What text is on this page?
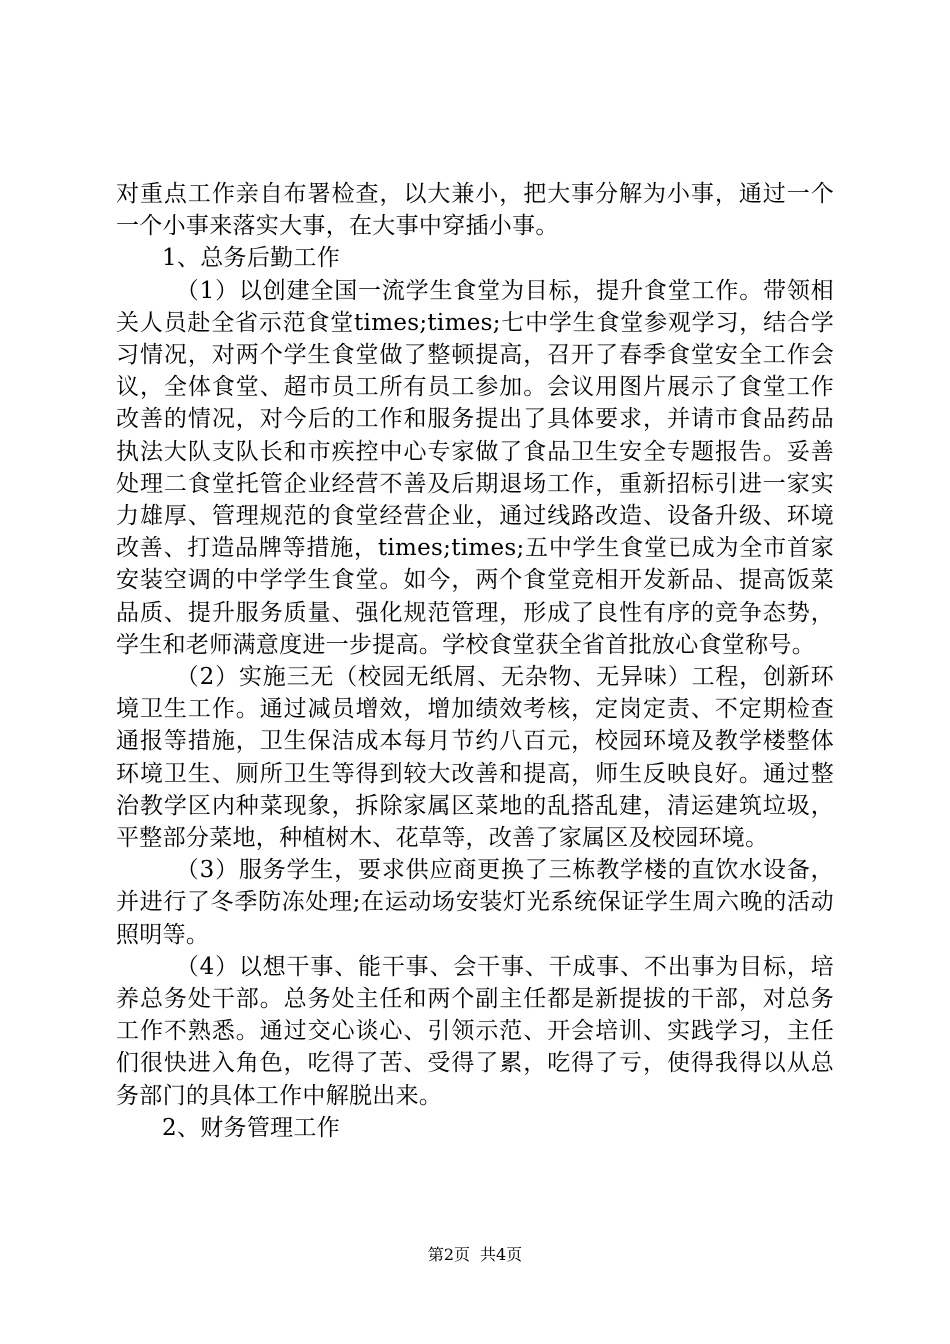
对重点工作亲自布署检查，以大兼小，把大事分解为小事，通过一个一个小事来落实大事，在大事中穿插小事。

1、总务后勤工作

（1）以创建全国一流学生食堂为目标，提升食堂工作。带领相关人员赴全省示范食堂times;times;七中学生食堂参观学习，结合学习情况，对两个学生食堂做了整顿提高，召开了春季食堂安全工作会议，全体食堂、超市员工所有员工参加。会议用图片展示了食堂工作改善的情况，对今后的工作和服务提出了具体要求，并请市食品药品执法大队支队长和市疾控中心专家做了食品卫生安全专题报告。妥善处理二食堂托管企业经营不善及后期退场工作，重新招标引进一家实力雄厚、管理规范的食堂经营企业，通过线路改造、设备升级、环境改善、打造品牌等措施，times;times;五中学生食堂已成为全市首家安装空调的中学学生食堂。如今，两个食堂竞相开发新品、提高饭菜品质、提升服务质量、强化规范管理，形成了良性有序的竞争态势，学生和老师满意度进一步提高。学校食堂获全省首批放心食堂称号。

（2）实施三无（校园无纸屑、无杂物、无异味）工程，创新环境卫生工作。通过减员增效，增加绩效考核，定岗定责、不定期检查通报等措施，卫生保洁成本每月节约八百元，校园环境及教学楼整体环境卫生、厕所卫生等得到较大改善和提高，师生反映良好。通过整治教学区内种菜现象，拆除家属区菜地的乱搭乱建，清运建筑垃圾，平整部分菜地，种植树木、花草等，改善了家属区及校园环境。

（3）服务学生，要求供应商更换了三栋教学楼的直饮水设备，并进行了冬季防冻处理;在运动场安装灯光系统保证学生周六晚的活动照明等。

（4）以想干事、能干事、会干事、干成事、不出事为目标，培养总务处干部。总务处主任和两个副主任都是新提拔的干部，对总务工作不熟悉。通过交心谈心、引领示范、开会培训、实践学习，主任们很快进入角色，吃得了苦、受得了累，吃得了亏，使得我得以从总务部门的具体工作中解脱出来。

2、财务管理工作

第2页 共4页
